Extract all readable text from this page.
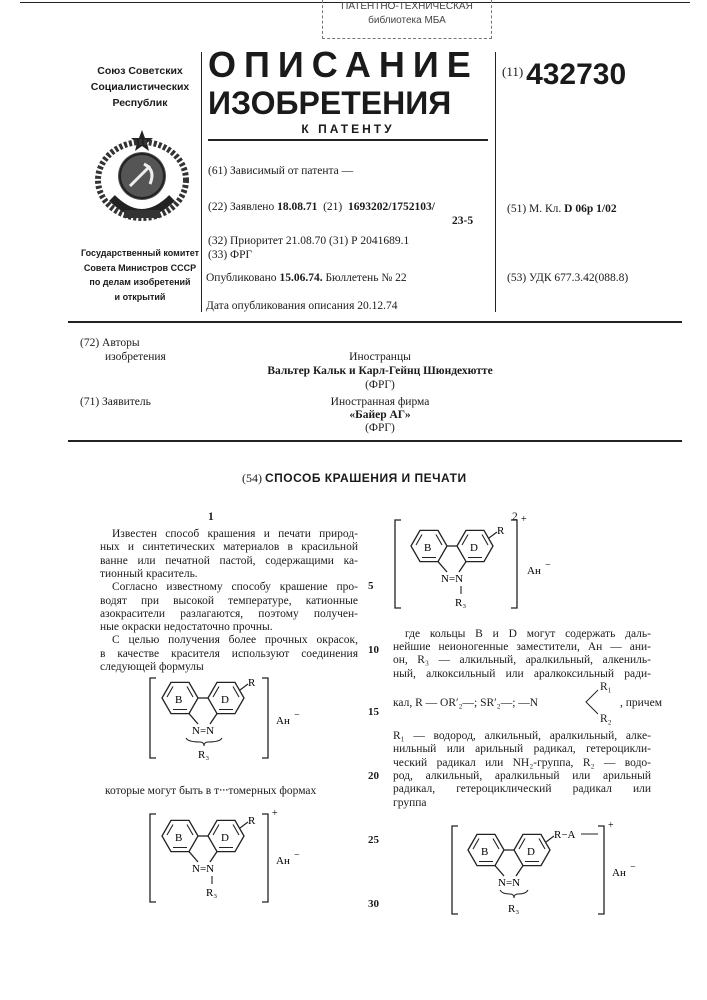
ПАТЕНТНО-ТЕХНИЧЕСКАЯ
библиотека МБА
Союз Советских
Социалистических
Республик
Государственный комитет
Совета Министров СССР
по делам изобретений
и открытий
ОПИСАНИЕ
ИЗОБРЕТЕНИЯ
К ПАТЕНТУ
(61) Зависимый от патента —
(22) Заявлено 18.08.71 (21) 1693202/1752103/
23-5
(32) Приоритет 21.08.70 (31) Р 2041689.1
(33) ФРГ
Опубликовано 15.06.74. Бюллетень № 22
Дата опубликования описания 20.12.74
(11) 432730
(51) М. Кл. D 06р 1/02
(53) УДК 677.3.42(088.8)
(72) Авторы
изобретения	Иностранцы
Вальтер Кальк и Карл-Гейнц Шюндехютте
(ФРГ)
(71) Заявитель	Иностранная фирма
«Байер АГ»
(ФРГ)
(54) СПОСОБ КРАШЕНИЯ И ПЕЧАТИ
1	2
Известен способ крашения и печати природ-
ных и синтетических материалов в красильной
ванне или печатной пастой, содержащими ка-
тионный краситель.
Согласно известному способу крашение про-
водят при высокой температуре, катионные
азокрасители разлагаются, поэтому получен-
ные окраски недостаточно прочны.
С целью получения более прочных окрасок,
в качестве красителя используют соединения
следующей формулы
которые могут быть в т⸱⸱⸱томерных формах
5
10
15
20
25
30
B	D
R
N=N
R₃
Ан −
B	D
R
N=N
R₃
+
Ан −
B	D
R
N=N
R₃
+
Ан −
где кольцы В и D могут содержать даль-
нейшие неионогенные заместители, Ан — ани-
он, R₃ — алкильный, аралкильный, алкениль-
ный, алкоксильный или аралкоксильный ради-
кал, R — OR′₂—; SR′₂—; —N
R₁
R₂
, причем
R₁ — водород, алкильный, аралкильный, алке-
нильный или арильный радикал, гетероцикли-
ческий радикал или NH₂-группа, R₂ — водо-
род, алкильный, аралкильный или арильный
радикал, гетероциклический радикал или
группа
B	D
R−A
N=N
R₃
+
Ан −
